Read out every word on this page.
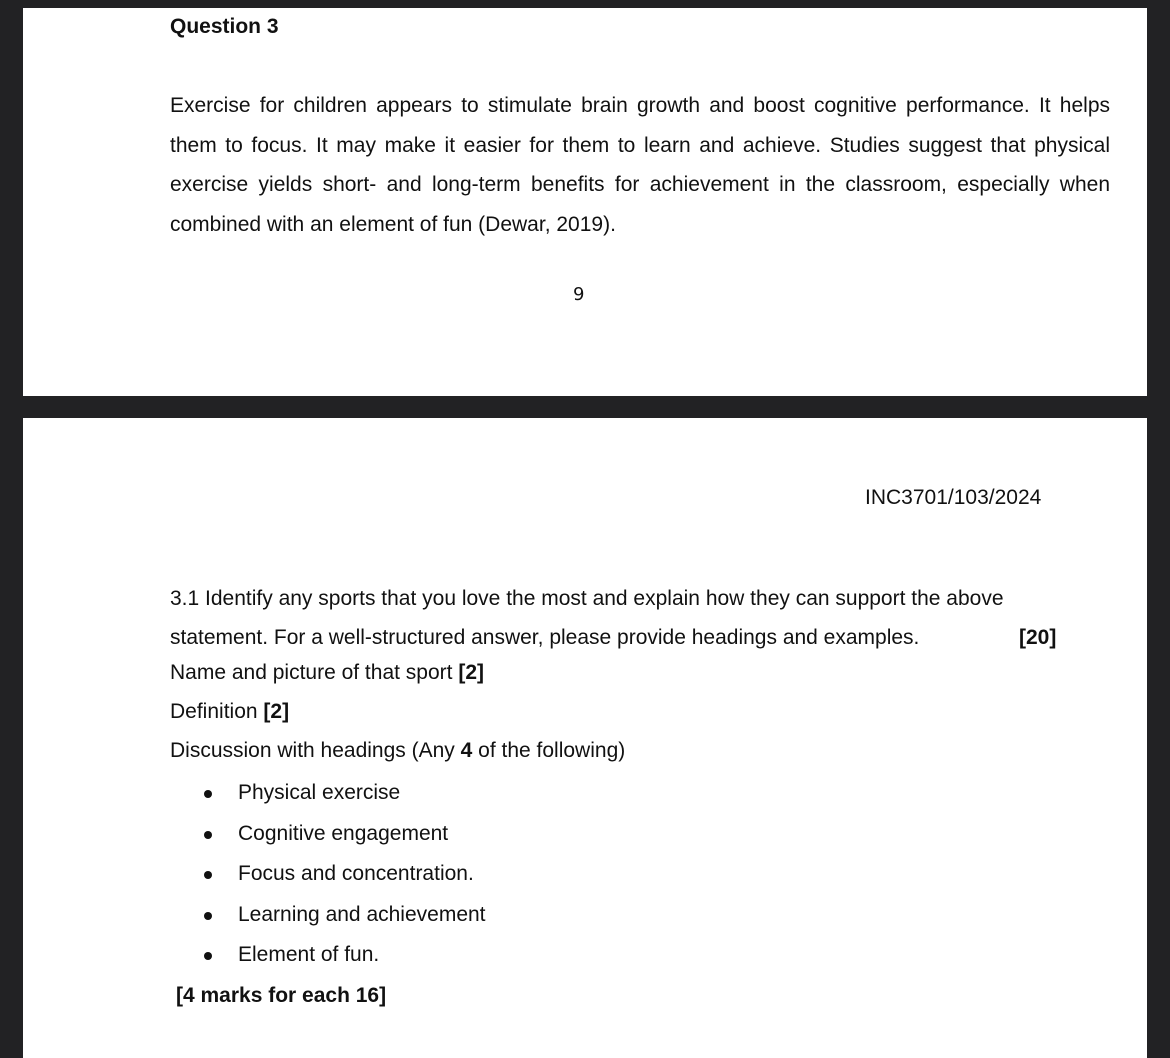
Question 3
Exercise for children appears to stimulate brain growth and boost cognitive performance. It helps them to focus. It may make it easier for them to learn and achieve. Studies suggest that physical exercise yields short- and long-term benefits for achievement in the classroom, especially when combined with an element of fun (Dewar, 2019).
9
INC3701/103/2024
3.1 Identify any sports that you love the most and explain how they can support the above
statement. For a well-structured answer, please provide headings and examples.	[20]
Name and picture of that sport [2]
Definition [2]
Discussion with headings (Any 4 of the following)
Physical exercise
Cognitive engagement
Focus and concentration.
Learning and achievement
Element of fun.
[4 marks for each 16]
